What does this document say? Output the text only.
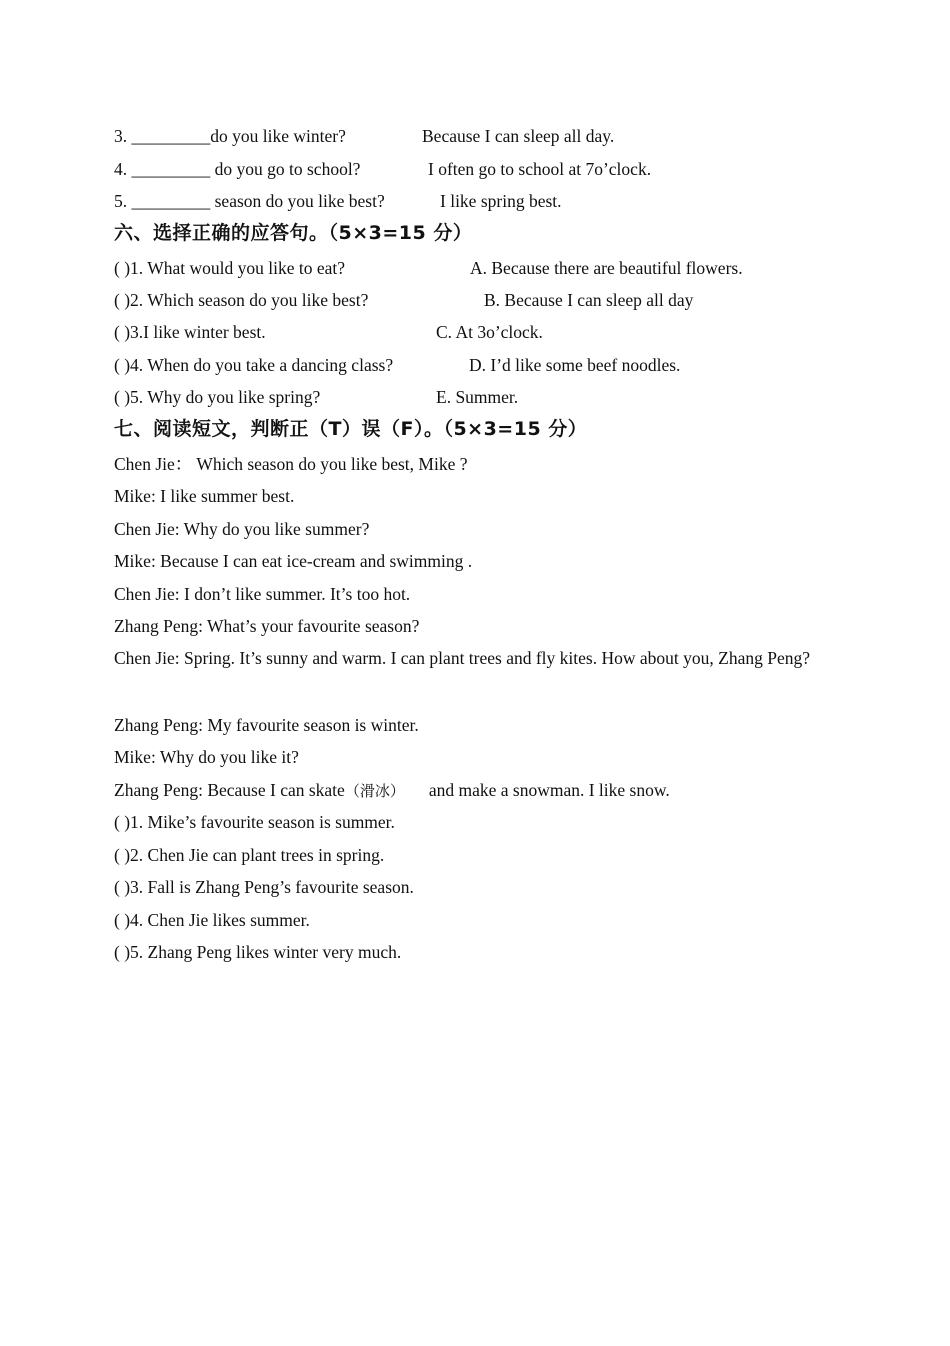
3. _________do you like winter?	Because I can sleep all day.
4. _________ do you go to school?	I often go to school at 7o’clock.
5. _________ season do you like best?	I like spring best.
六、选择正确的应答句。（5×3=15 分）
( )1. What would you like to eat?	A. Because there are beautiful flowers.
( )2. Which season do you like best?	B. Because I can sleep all day
( )3.I like winter best.	C. At 3o’clock.
( )4. When do you take a dancing class?	D. I’d like some beef noodles.
( )5. Why do you like spring?	E. Summer.
七、阅读短文，判断正（T）误（F）。（5×3=15 分）
Chen Jie： Which season do you like best, Mike ?
Mike: I like summer best.
Chen Jie: Why do you like summer?
Mike: Because I can eat ice-cream and swimming .
Chen Jie: I don’t like summer. It’s too hot.
Zhang Peng: What’s your favourite season?
Chen Jie: Spring. It’s sunny and warm. I can plant trees and fly kites. How about you, Zhang Peng?
Zhang Peng: My favourite season is winter.
Mike: Why do you like it?
Zhang Peng: Because I can skate（滑冰） and make a snowman. I like snow.
( )1. Mike’s favourite season is summer.
( )2. Chen Jie can plant trees in spring.
( )3. Fall is Zhang Peng’s favourite season.
( )4. Chen Jie likes summer.
( )5. Zhang Peng likes winter very much.
